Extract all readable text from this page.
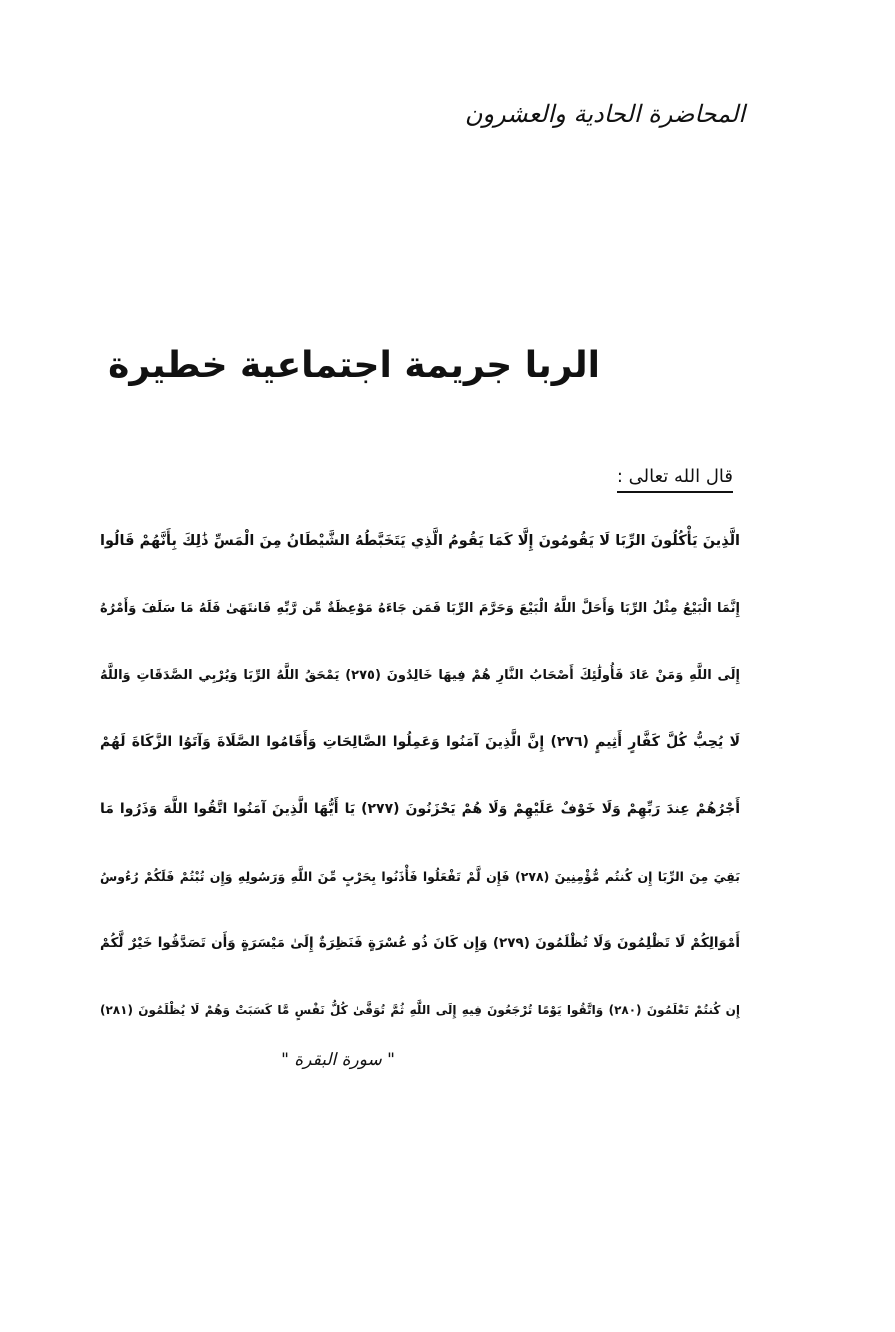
المحاضرة الحادية والعشرون
الربا جريمة اجتماعية خطيرة
قال الله تعالى :
الَّذِينَ يَأْكُلُونَ الرِّبَا لَا يَقُومُونَ إِلَّا كَمَا يَقُومُ الَّذِي يَتَخَبَّطُهُ الشَّيْطَانُ مِنَ الْمَسِّ ذَٰلِكَ بِأَنَّهُمْ قَالُوا
إِنَّمَا الْبَيْعُ مِثْلُ الرِّبَا وَأَحَلَّ اللَّهُ الْبَيْعَ وَحَرَّمَ الرِّبَا فَمَن جَاءَهُ مَوْعِظَةٌ مِّن رَّبِّهِ فَانتَهَىٰ فَلَهُ مَا سَلَفَ وَأَمْرُهُ
إِلَى اللَّهِ وَمَنْ عَادَ فَأُولَٰئِكَ أَصْحَابُ النَّارِ هُمْ فِيهَا خَالِدُونَ (٢٧٥) يَمْحَقُ اللَّهُ الرِّبَا وَيُرْبِي الصَّدَقَاتِ وَاللَّهُ
لَا يُحِبُّ كُلَّ كَفَّارٍ أَثِيمٍ (٢٧٦) إِنَّ الَّذِينَ آمَنُوا وَعَمِلُوا الصَّالِحَاتِ وَأَقَامُوا الصَّلَاةَ وَآتَوُا الزَّكَاةَ لَهُمْ
أَجْرُهُمْ عِندَ رَبِّهِمْ وَلَا خَوْفٌ عَلَيْهِمْ وَلَا هُمْ يَحْزَنُونَ (٢٧٧) يَا أَيُّهَا الَّذِينَ آمَنُوا اتَّقُوا اللَّهَ وَذَرُوا مَا
بَقِيَ مِنَ الرِّبَا إِن كُنتُم مُّؤْمِنِينَ (٢٧٨) فَإِن لَّمْ تَفْعَلُوا فَأْذَنُوا بِحَرْبٍ مِّنَ اللَّهِ وَرَسُولِهِ وَإِن تُبْتُمْ فَلَكُمْ رُءُوسُ
أَمْوَالِكُمْ لَا تَظْلِمُونَ وَلَا تُظْلَمُونَ (٢٧٩) وَإِن كَانَ ذُو عُسْرَةٍ فَنَظِرَةٌ إِلَىٰ مَيْسَرَةٍ وَأَن تَصَدَّقُوا خَيْرٌ لَّكُمْ
إِن كُنتُمْ تَعْلَمُونَ (٢٨٠) وَاتَّقُوا يَوْمًا تُرْجَعُونَ فِيهِ إِلَى اللَّهِ ثُمَّ تُوَفَّىٰ كُلُّ نَفْسٍ مَّا كَسَبَتْ وَهُمْ لَا يُظْلَمُونَ (٢٨١)
" سورة البقرة "
